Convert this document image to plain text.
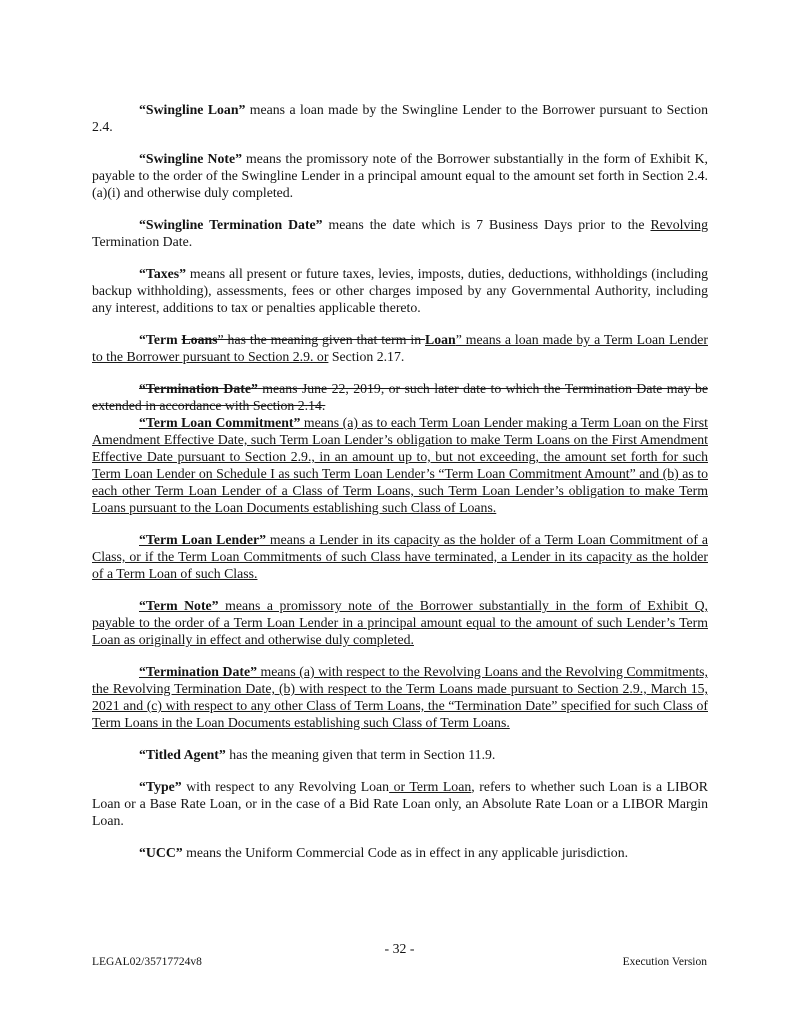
“Swingline Loan” means a loan made by the Swingline Lender to the Borrower pursuant to Section 2.4.

“Swingline Note” means the promissory note of the Borrower substantially in the form of Exhibit K, payable to the order of the Swingline Lender in a principal amount equal to the amount set forth in Section 2.4.(a)(i) and otherwise duly completed.

“Swingline Termination Date” means the date which is 7 Business Days prior to the Revolving Termination Date.

“Taxes” means all present or future taxes, levies, imposts, duties, deductions, withholdings (including backup withholding), assessments, fees or other charges imposed by any Governmental Authority, including any interest, additions to tax or penalties applicable thereto.

“Term Loans” has the meaning given that term in Loan” means a loan made by a Term Loan Lender to the Borrower pursuant to Section 2.9. or Section 2.17.

“Termination Date” means June 22, 2019, or such later date to which the Termination Date may be extended in accordance with Section 2.14.

“Term Loan Commitment” means (a) as to each Term Loan Lender making a Term Loan on the First Amendment Effective Date, such Term Loan Lender’s obligation to make Term Loans on the First Amendment Effective Date pursuant to Section 2.9., in an amount up to, but not exceeding, the amount set forth for such Term Loan Lender on Schedule I as such Term Loan Lender’s “Term Loan Commitment Amount” and (b) as to each other Term Loan Lender of a Class of Term Loans, such Term Loan Lender’s obligation to make Term Loans pursuant to the Loan Documents establishing such Class of Loans.

“Term Loan Lender” means a Lender in its capacity as the holder of a Term Loan Commitment of a Class, or if the Term Loan Commitments of such Class have terminated, a Lender in its capacity as the holder of a Term Loan of such Class.

“Term Note” means a promissory note of the Borrower substantially in the form of Exhibit Q, payable to the order of a Term Loan Lender in a principal amount equal to the amount of such Lender’s Term Loan as originally in effect and otherwise duly completed.

“Termination Date” means (a) with respect to the Revolving Loans and the Revolving Commitments, the Revolving Termination Date, (b) with respect to the Term Loans made pursuant to Section 2.9., March 15, 2021 and (c) with respect to any other Class of Term Loans, the “Termination Date” specified for such Class of Term Loans in the Loan Documents establishing such Class of Term Loans.

“Titled Agent” has the meaning given that term in Section 11.9.

“Type” with respect to any Revolving Loan or Term Loan, refers to whether such Loan is a LIBOR Loan or a Base Rate Loan, or in the case of a Bid Rate Loan only, an Absolute Rate Loan or a LIBOR Margin Loan.

“UCC” means the Uniform Commercial Code as in effect in any applicable jurisdiction.

- 32 -
LEGAL02/35717724v8	Execution Version
